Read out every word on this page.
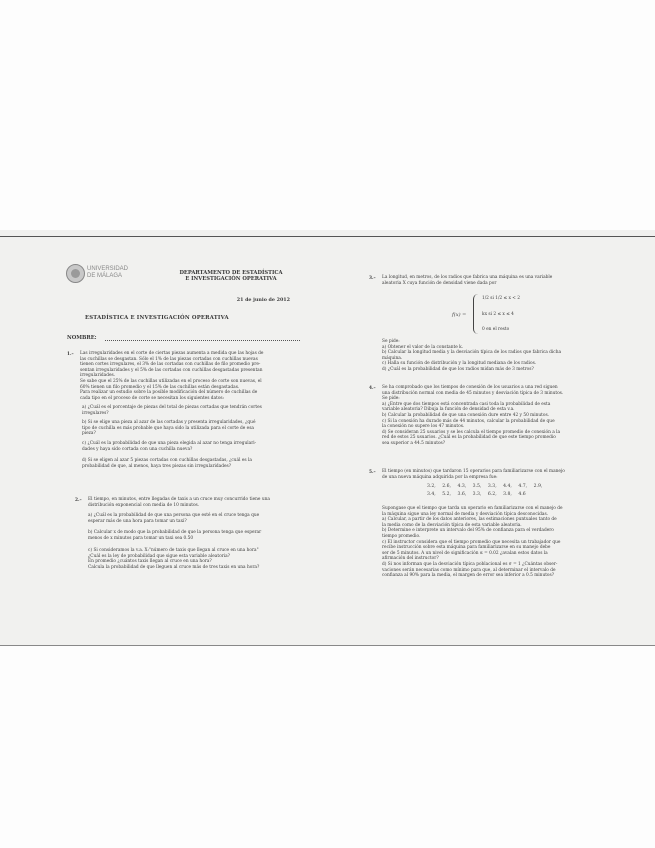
UNIVERSIDAD
DE MÁLAGA	DEPARTAMENTO DE ESTADÍSTICA
E INVESTIGACIÓN OPERATIVA
21 de junio de 2012
ESTADÍSTICA E INVESTIGACIÓN OPERATIVA
NOMBRE:
1.– Las irregularidades en el corte de ciertas piezas aumenta a medida que las hojas de
las cuchillas se desgastan. Sólo el 1% de las piezas cortadas con cuchillas nuevas
tienen cortes irregulares, el 3% de las cortadas con cuchillas de filo promedio pre-
sentan irregularidades y el 5% de las cortadas con cuchillas desgastadas presentan
irregularidades.
Se sabe que el 25% de las cuchillas utilizadas en el proceso de corte son nuevas, el
60% tienen un filo promedio y el 15% de las cuchillas están desgastadas.
Para realizar un estudio sobre la posible modificación del número de cuchillas de
cada tipo en el proceso de corte se necesitan los siguientes datos:
a) ¿Cuál es el porcentaje de piezas del total de piezas cortadas que tendrán cortes
irregulares?
b) Si se elige una pieza al azar de las cortadas y presenta irregularidades, ¿qué
tipo de cuchilla es más probable que haya sido la utilizada para el corte de esa
pieza?
c) ¿Cuál es la probabilidad de que una pieza elegida al azar no tenga irregulari-
dades y haya sido cortada con una cuchilla nueva?
d) Si se eligen al azar 5 piezas cortadas con cuchillas desgastadas, ¿cuál es la
probabilidad de que, al menos, haya tres piezas sin irregularidades?
2.– El tiempo, en minutos, entre llegadas de taxis a un cruce muy concurrido tiene una
distribución exponencial con media de 10 minutos.
a) ¿Cuál es la probabilidad de que una persona que esté en el cruce tenga que
esperar más de una hora para tomar un taxi?
b) Calcular x de modo que la probabilidad de que la persona tenga que esperar
menos de x minutos para tomar un taxi sea 0.50
c) Si consideramos la v.a. X:"número de taxis que llegan al cruce en una hora"
¿Cuál es la ley de probabilidad que sigue esta variable aleatoria?
En promedio ¿cuántos taxis llegan al cruce en una hora?
Calcula la probabilidad de que lleguen al cruce más de tres taxis en una hora?
3.– La longitud, en metros, de los radios que fabrica una máquina es una variable
aleatoria X cuya función de densidad viene dada por
f(x) =
1/2 si 1/2 ≤ x < 2
kx si 2 ≤ x ≤ 4
0 en el resto
Se pide:
a) Obtener el valor de la constante k.
b) Calcular la longitud media y la desviación típica de los radios que fabrica dicha
máquina.
c) Halla su función de distribución y la longitud mediana de los radios.
d) ¿Cuál es la probabilidad de que los radios midan más de 3 metros?
4.– Se ha comprobado que los tiempos de conexión de los usuarios a una red siguen
una distribución normal con media de 45 minutos y desviación típica de 3 minutos.
Se pide:
a) ¿Entre que dos tiempos está concentrada casi toda la probabilidad de esta
variable aleatoria? Dibuja la función de densidad de esta v.a.
b) Calcular la probabilidad de que una conexión dure entre 42 y 50 minutos.
c) Si la conexión ha durado más de 44 minutos, calcular la probabilidad de que
la conexión no supere los 47 minutos.
d) Se consideran 25 usuarios y se les calcula el tiempo promedio de conexión a la
red de estos 25 usuarios. ¿Cuál es la probabilidad de que este tiempo promedio
sea superior a 44.5 minutos?
5.– El tiempo (en minutos) que tardaron 15 operarios para familiarizarse con el manejo
de una nueva máquina adquirida por la empresa fue:
3.2, 2.6, 4.3, 3.5, 3.3, 4.4, 4.7, 2.9,
3.4, 5.2, 3.6, 3.3, 6.2, 3.8, 4.6
Supongase que el tiempo que tarda un operario en familiarizarse con el manejo de
la máquina sigue una ley normal de media y desviación típica desconocidas.
a) Calcular, a partir de los datos anteriores, las estimaciones puntuales tanto de
la media como de la desviación típica de esta variable aleatoria.
b) Determine e interprete un intervalo del 95% de confianza para el verdadero
tiempo promedio.
c) El instructor considera que el tiempo promedio que necesita un trabajador que
recibe instrucción sobre esta máquina para familiarizarse en su manejo debe
ser de 5 minutos. A un nivel de significación α = 0.02 ¿avalan estos datos la
afirmación del instructor?
d) Si nos informan que la desviación típica poblacional es σ = 1 ¿Cuántas obser-
vaciones serán necesarias como mínimo para que, al determinar el intervalo de
confianza al 90% para la media, el margen de error sea inferior a 0.5 minutos?
